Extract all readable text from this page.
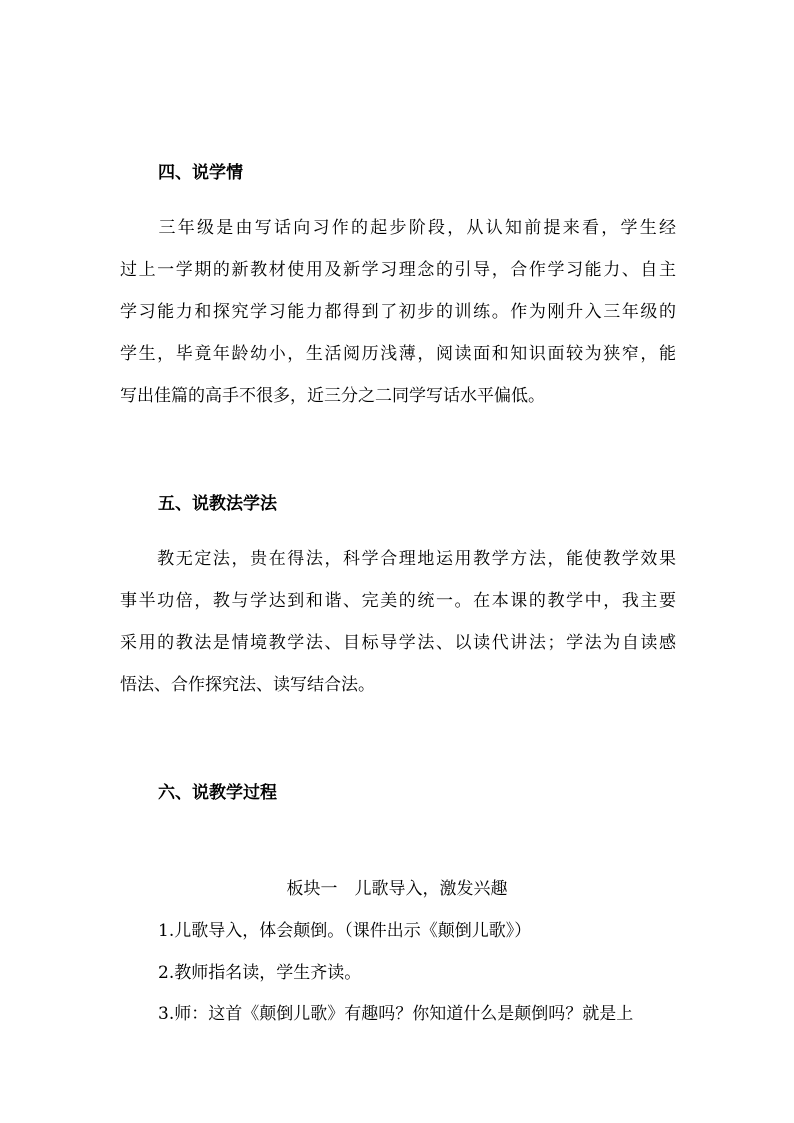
四、说学情
　　三年级是由写话向习作的起步阶段，从认知前提来看，学生经
过上一学期的新教材使用及新学习理念的引导，合作学习能力、自主
学习能力和探究学习能力都得到了初步的训练。作为刚升入三年级的
学生，毕竟年龄幼小，生活阅历浅薄，阅读面和知识面较为狭窄，能
写出佳篇的高手不很多，近三分之二同学写话水平偏低。
五、说教法学法
　　教无定法，贵在得法，科学合理地运用教学方法，能使教学效果
事半功倍，教与学达到和谐、完美的统一。在本课的教学中，我主要
采用的教法是情境教学法、目标导学法、以读代讲法；学法为自读感
悟法、合作探究法、读写结合法。
六、说教学过程
板块一　儿歌导入，激发兴趣
1.儿歌导入，体会颠倒。（课件出示《颠倒儿歌》）
2.教师指名读，学生齐读。
3.师：这首《颠倒儿歌》有趣吗？你知道什么是颠倒吗？就是上
